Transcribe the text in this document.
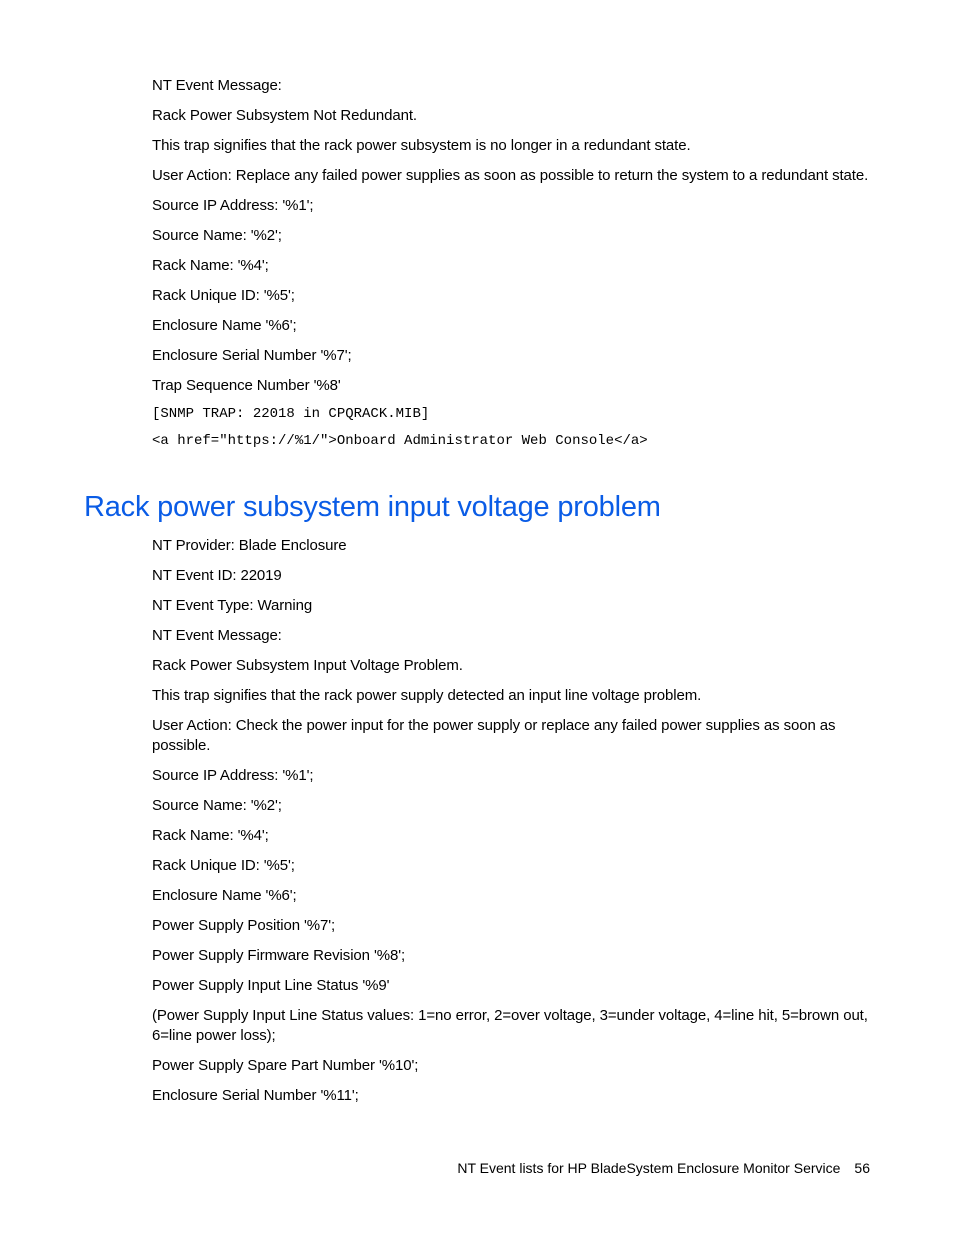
NT Event Message:

Rack Power Subsystem Not Redundant.

This trap signifies that the rack power subsystem is no longer in a redundant state.

User Action: Replace any failed power supplies as soon as possible to return the system to a redundant state.

Source IP Address: '%1';

Source Name: '%2';

Rack Name: '%4';

Rack Unique ID: '%5';

Enclosure Name '%6';

Enclosure Serial Number '%7';

Trap Sequence Number '%8'

[SNMP TRAP: 22018 in CPQRACK.MIB]

<a href="https://%1/">Onboard Administrator Web Console</a>

Rack power subsystem input voltage problem

NT Provider: Blade Enclosure

NT Event ID: 22019

NT Event Type: Warning

NT Event Message:

Rack Power Subsystem Input Voltage Problem.

This trap signifies that the rack power supply detected an input line voltage problem.

User Action: Check the power input for the power supply or replace any failed power supplies as soon as possible.

Source IP Address: '%1';

Source Name: '%2';

Rack Name: '%4';

Rack Unique ID: '%5';

Enclosure Name '%6';

Power Supply Position '%7';

Power Supply Firmware Revision '%8';

Power Supply Input Line Status '%9'

(Power Supply Input Line Status values: 1=no error, 2=over voltage, 3=under voltage, 4=line hit, 5=brown out, 6=line power loss);

Power Supply Spare Part Number '%10';

Enclosure Serial Number '%11';

NT Event lists for HP BladeSystem Enclosure Monitor Service 56
